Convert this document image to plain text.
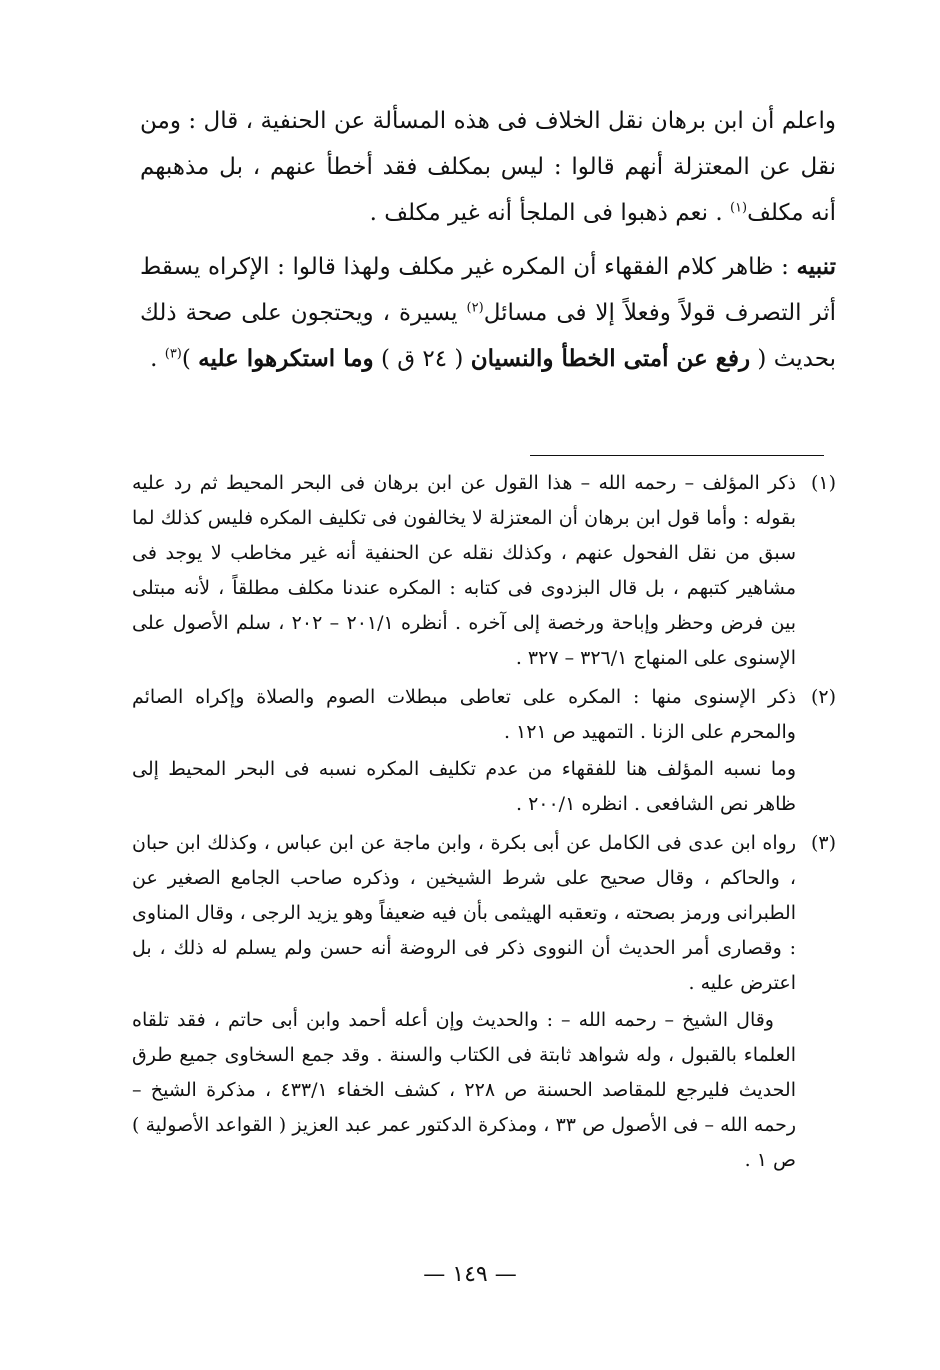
واعلم أن ابن برهان نقل الخلاف فى هذه المسألة عن الحنفية ، قال : ومن نقل عن المعتزلة أنهم قالوا : ليس بمكلف فقد أخطأ عنهم ، بل مذهبهم أنه مكلف$^{(١)}$ . نعم ذهبوا فى الملجأ أنه غير مكلف .

تنبيه : ظاهر كلام الفقهاء أن المكره غير مكلف ولهذا قالوا : الإكراه يسقط أثر التصرف قولاً وفعلاً إلا فى مسائل$^{(٢)}$ يسيرة ، ويحتجون على صحة ذلك بحديث ( رفع عن أمتى الخطأ والنسيان ( ٢٤ ق ) وما استكرهوا عليه )$^{(٣)}$ .

(١)

ذكر المؤلف – رحمه الله – هذا القول عن ابن برهان فى البحر المحيط ثم رد عليه بقوله : وأما قول ابن برهان أن المعتزلة لا يخالفون فى تكليف المكره فليس كذلك لما سبق من نقل الفحول عنهم ، وكذلك نقله عن الحنفية أنه غير مخاطب لا يوجد فى مشاهير كتبهم ، بل قال البزدوى فى كتابه : المكره عندنا مكلف مطلقاً ، لأنه مبتلى بين فرض وحظر وإباحة ورخصة إلى آخره . أنظره ٢٠١/١ – ٢٠٢ ، سلم الأصول على الإسنوى على المنهاج ٣٢٦/١ – ٣٢٧ .

(٢)

ذكر الإسنوى منها : المكره على تعاطى مبطلات الصوم والصلاة وإكراه الصائم والمحرم على الزنا . التمهيد ص ١٢١ .

وما نسبه المؤلف هنا للفقهاء من عدم تكليف المكره نسبه فى البحر المحيط إلى ظاهر نص الشافعى . انظره ٢٠٠/١ .

(٣)

رواه ابن عدى فى الكامل عن أبى بكرة ، وابن ماجة عن ابن عباس ، وكذلك ابن حبان ، والحاكم ، وقال صحيح على شرط الشيخين ، وذكره صاحب الجامع الصغير عن الطبرانى ورمز بصحته ، وتعقبه الهيثمى بأن فيه ضعيفاً وهو يزيد الرجى ، وقال المناوى : وقصارى أمر الحديث أن النووى ذكر فى الروضة أنه حسن ولم يسلم له ذلك ، بل اعترض عليه .

وقال الشيخ – رحمه الله – : والحديث وإن أعله أحمد وابن أبى حاتم ، فقد تلقاه العلماء بالقبول ، وله شواهد ثابتة فى الكتاب والسنة . وقد جمع السخاوى جميع طرق الحديث فليرجع للمقاصد الحسنة ص ٢٢٨ ، كشف الخفاء ٤٣٣/١ ، مذكرة الشيخ – رحمه الله – فى الأصول ص ٣٣ ، ومذكرة الدكتور عمر عبد العزيز ( القواعد الأصولية ) ص ١ .

— ١٤٩ —
